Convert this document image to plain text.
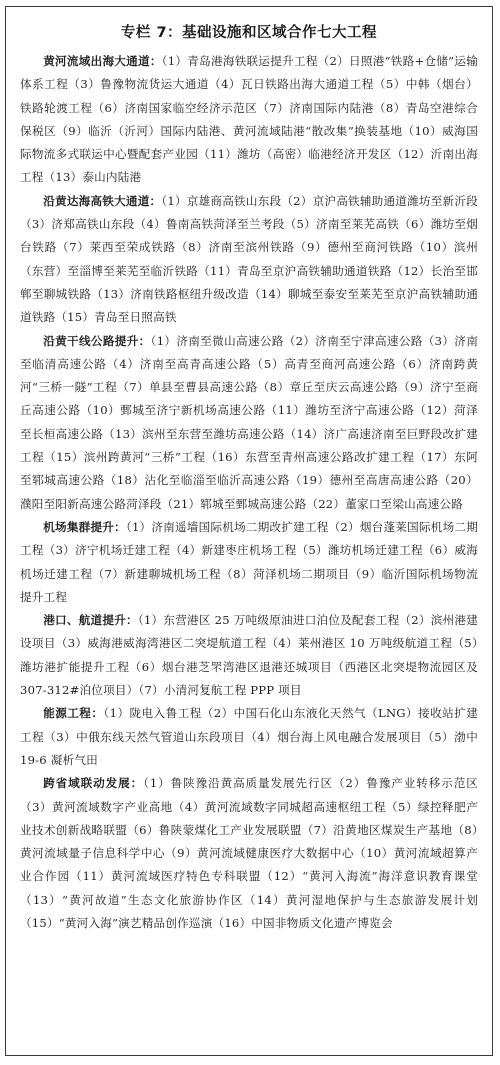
专栏 7：基础设施和区域合作七大工程

黄河流域出海大通道：（1）青岛港海铁联运提升工程（2）日照港“铁路+仓储”运输体系工程（3）鲁豫物流货运大通道（4）瓦日铁路出海大通道工程（5）中韩（烟台）铁路轮渡工程（6）济南国家临空经济示范区（7）济南国际内陆港（8）青岛空港综合保税区（9）临沂（沂河）国际内陆港、黄河流域陆港“散改集”换装基地（10）威海国际物流多式联运中心暨配套产业园（11）潍坊（高密）临港经济开发区（12）沂南出海工程（13）泰山内陆港

沿黄达海高铁大通道：（1）京雄商高铁山东段（2）京沪高铁辅助通道潍坊至新沂段（3）济郑高铁山东段（4）鲁南高铁菏泽至兰考段（5）济南至莱芜高铁（6）潍坊至烟台铁路（7）莱西至荣成铁路（8）济南至滨州铁路（9）德州至商河铁路（10）滨州（东营）至淄博至莱芜至临沂铁路（11）青岛至京沪高铁辅助通道铁路（12）长治至邯郸至聊城铁路（13）济南铁路枢纽升级改造（14）聊城至泰安至莱芜至京沪高铁辅助通道铁路（15）青岛至日照高铁

沿黄干线公路提升：（1）济南至微山高速公路（2）济南至宁津高速公路（3）济南至临清高速公路（4）济南至高青高速公路（5）高青至商河高速公路（6）济南跨黄河“三桥一隧”工程（7）单县至曹县高速公路（8）章丘至庆云高速公路（9）济宁至商丘高速公路（10）鄄城至济宁新机场高速公路（11）潍坊至济宁高速公路（12）菏泽至长桓高速公路（13）滨州至东营至潍坊高速公路（14）济广高速济南至巨野段改扩建工程（15）滨州跨黄河“三桥”工程（16）东营至青州高速公路改扩建工程（17）东阿至郓城高速公路（18）沾化至临淄至临沂高速公路（19）德州至高唐高速公路（20）濮阳至阳新高速公路菏泽段（21）郓城至鄄城高速公路（22）董家口至梁山高速公路

机场集群提升：（1）济南遥墙国际机场二期改扩建工程（2）烟台蓬莱国际机场二期工程（3）济宁机场迁建工程（4）新建枣庄机场工程（5）潍坊机场迁建工程（6）威海机场迁建工程（7）新建聊城机场工程（8）菏泽机场二期项目（9）临沂国际机场物流提升工程

港口、航道提升：（1）东营港区 25 万吨级原油进口泊位及配套工程（2）滨州港建设项目（3）威海港威海湾港区二突堤航道工程（4）莱州港区 10 万吨级航道工程（5）潍坊港扩能提升工程（6）烟台港芝罘湾港区退港还城项目（西港区北突堤物流园区及 307-312#泊位项目）（7）小清河复航工程 PPP 项目

能源工程：（1）陇电入鲁工程（2）中国石化山东液化天然气（LNG）接收站扩建工程（3）中俄东线天然气管道山东段项目（4）烟台海上风电融合发展项目（5）渤中 19-6 凝析气田

跨省域联动发展：（1）鲁陕豫沿黄高质量发展先行区（2）鲁豫产业转移示范区（3）黄河流域数字产业高地（4）黄河流域数字同城超高速枢纽工程（5）绿控释肥产业技术创新战略联盟（6）鲁陕蒙煤化工产业发展联盟（7）沿黄地区煤炭生产基地（8）黄河流域量子信息科学中心（9）黄河流域健康医疗大数据中心（10）黄河流域超算产业合作园（11）黄河流域医疗特色专科联盟（12）“黄河入海流”海洋意识教育课堂（13）“黄河故道”生态文化旅游协作区（14）黄河湿地保护与生态旅游发展计划（15）“黄河入海”演艺精品创作巡演（16）中国非物质文化遗产博览会
